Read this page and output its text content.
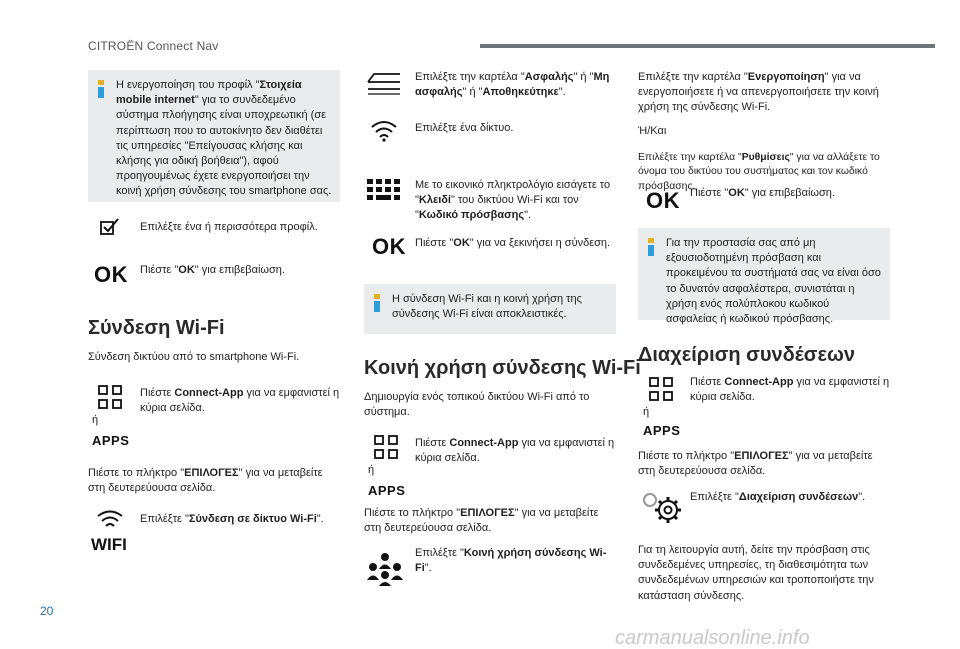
CITROËN Connect Nav

Η ενεργοποίηση του προφίλ "Στοιχεία mobile internet" για το συνδεδεμένο σύστημα πλοήγησης είναι υποχρεωτική (σε περίπτωση που το αυτοκίνητο δεν διαθέτει τις υπηρεσίες "Επείγουσας κλήσης και κλήσης για οδική βοήθεια"), αφού προηγουμένως έχετε ενεργοποιήσει την κοινή χρήση σύνδεσης του smartphone σας.

Επιλέξτε ένα ή περισσότερα προφίλ.

OK Πιέστε "OK" για επιβεβαίωση.

Σύνδεση Wi-Fi

Σύνδεση δικτύου από το smartphone Wi-Fi.

ή
APPS

Πιέστε Connect-App για να εμφανιστεί η κύρια σελίδα.

Πιέστε το πλήκτρο "ΕΠΙΛΟΓΕΣ" για να μεταβείτε στη δευτερεύουσα σελίδα.

WIFI

Επιλέξτε "Σύνδεση σε δίκτυο Wi-Fi".

Επιλέξτε την καρτέλα "Ασφαλής" ή "Μη ασφαλής" ή "Αποθηκεύτηκε".

Επιλέξτε ένα δίκτυο.

Με το εικονικό πληκτρολόγιο εισάγετε το "Κλειδί" του δικτύου Wi-Fi και τον "Κωδικό πρόσβασης".

OK Πιέστε "OK" για να ξεκινήσει η σύνδεση.

Η σύνδεση Wi-Fi και η κοινή χρήση της σύνδεσης Wi-Fi είναι αποκλειστικές.

Κοινή χρήση σύνδεσης Wi-Fi

Δημιουργία ενός τοπικού δικτύου Wi-Fi από το σύστημα.

ή
APPS

Πιέστε Connect-App για να εμφανιστεί η κύρια σελίδα.

Πιέστε το πλήκτρο "ΕΠΙΛΟΓΕΣ" για να μεταβείτε στη δευτερεύουσα σελίδα.

Επιλέξτε "Κοινή χρήση σύνδεσης Wi-Fi".

Επιλέξτε την καρτέλα "Ενεργοποίηση" για να ενεργοποιήσετε ή να απενεργοποιήσετε την κοινή χρήση της σύνδεσης Wi-Fi.

Ή/Και

Επιλέξτε την καρτέλα "Ρυθμίσεις" για να αλλάξετε το όνομα του δικτύου του συστήματος και τον κωδικό πρόσβασης.

OK Πιέστε "OK" για επιβεβαίωση.

Για την προστασία σας από μη εξουσιοδοτημένη πρόσβαση και προκειμένου τα συστήματά σας να είναι όσο το δυνατόν ασφαλέστερα, συνιστάται η χρήση ενός πολύπλοκου κωδικού ασφαλείας ή κωδικού πρόσβασης.

Διαχείριση συνδέσεων
ή
APPS

Πιέστε Connect-App για να εμφανιστεί η κύρια σελίδα.

Πιέστε το πλήκτρο "ΕΠΙΛΟΓΕΣ" για να μεταβείτε στη δευτερεύουσα σελίδα.

Επιλέξτε "Διαχείριση συνδέσεων".

Για τη λειτουργία αυτή, δείτε την πρόσβαση στις συνδεδεμένες υπηρεσίες, τη διαθεσιμότητα των συνδεδεμένων υπηρεσιών και τροποποιήστε την κατάσταση σύνδεσης.

20
carmanualsonline.info
